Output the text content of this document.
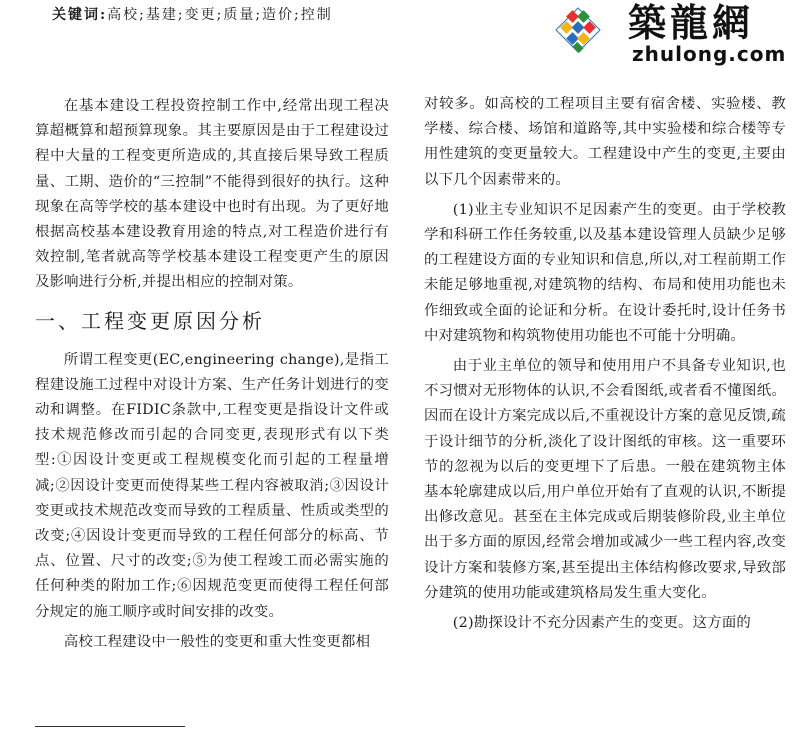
关键词:高校;基建;变更;质量;造价;控制	築龍網
zhulong.com

在基本建设工程投资控制工作中,经常出现工程决算超概算和超预算现象。其主要原因是由于工程建设过程中大量的工程变更所造成的,其直接后果导致工程质量、工期、造价的“三控制”不能得到很好的执行。这种现象在高等学校的基本建设中也时有出现。为了更好地根据高校基本建设教育用途的特点,对工程造价进行有效控制,笔者就高等学校基本建设工程变更产生的原因及影响进行分析,并提出相应的控制对策。

一、工程变更原因分析

所谓工程变更(EC,engineering change),是指工程建设施工过程中对设计方案、生产任务计划进行的变动和调整。在FIDIC条款中,工程变更是指设计文件或技术规范修改而引起的合同变更,表现形式有以下类型:①因设计变更或工程规模变化而引起的工程量增减;②因设计变更而使得某些工程内容被取消;③因设计变更或技术规范改变而导致的工程质量、性质或类型的改变;④因设计变更而导致的工程任何部分的标高、节点、位置、尺寸的改变;⑤为使工程竣工而必需实施的任何种类的附加工作;⑥因规范变更而使得工程任何部分规定的施工顺序或时间安排的改变。

高校工程建设中一般性的变更和重大性变更都相

对较多。如高校的工程项目主要有宿舍楼、实验楼、教学楼、综合楼、场馆和道路等,其中实验楼和综合楼等专用性建筑的变更量较大。工程建设中产生的变更,主要由以下几个因素带来的。

(1)业主专业知识不足因素产生的变更。由于学校教学和科研工作任务较重,以及基本建设管理人员缺少足够的工程建设方面的专业知识和信息,所以,对工程前期工作未能足够地重视,对建筑物的结构、布局和使用功能也未作细致或全面的论证和分析。在设计委托时,设计任务书中对建筑物和构筑物使用功能也不可能十分明确。

由于业主单位的领导和使用用户不具备专业知识,也不习惯对无形物体的认识,不会看图纸,或者看不懂图纸。因而在设计方案完成以后,不重视设计方案的意见反馈,疏于设计细节的分析,淡化了设计图纸的审核。这一重要环节的忽视为以后的变更埋下了后患。一般在建筑物主体基本轮廓建成以后,用户单位开始有了直观的认识,不断提出修改意见。甚至在主体完成或后期装修阶段,业主单位出于多方面的原因,经常会增加或减少一些工程内容,改变设计方案和装修方案,甚至提出主体结构修改要求,导致部分建筑的使用功能或建筑格局发生重大变化。

(2)勘探设计不充分因素产生的变更。这方面的
